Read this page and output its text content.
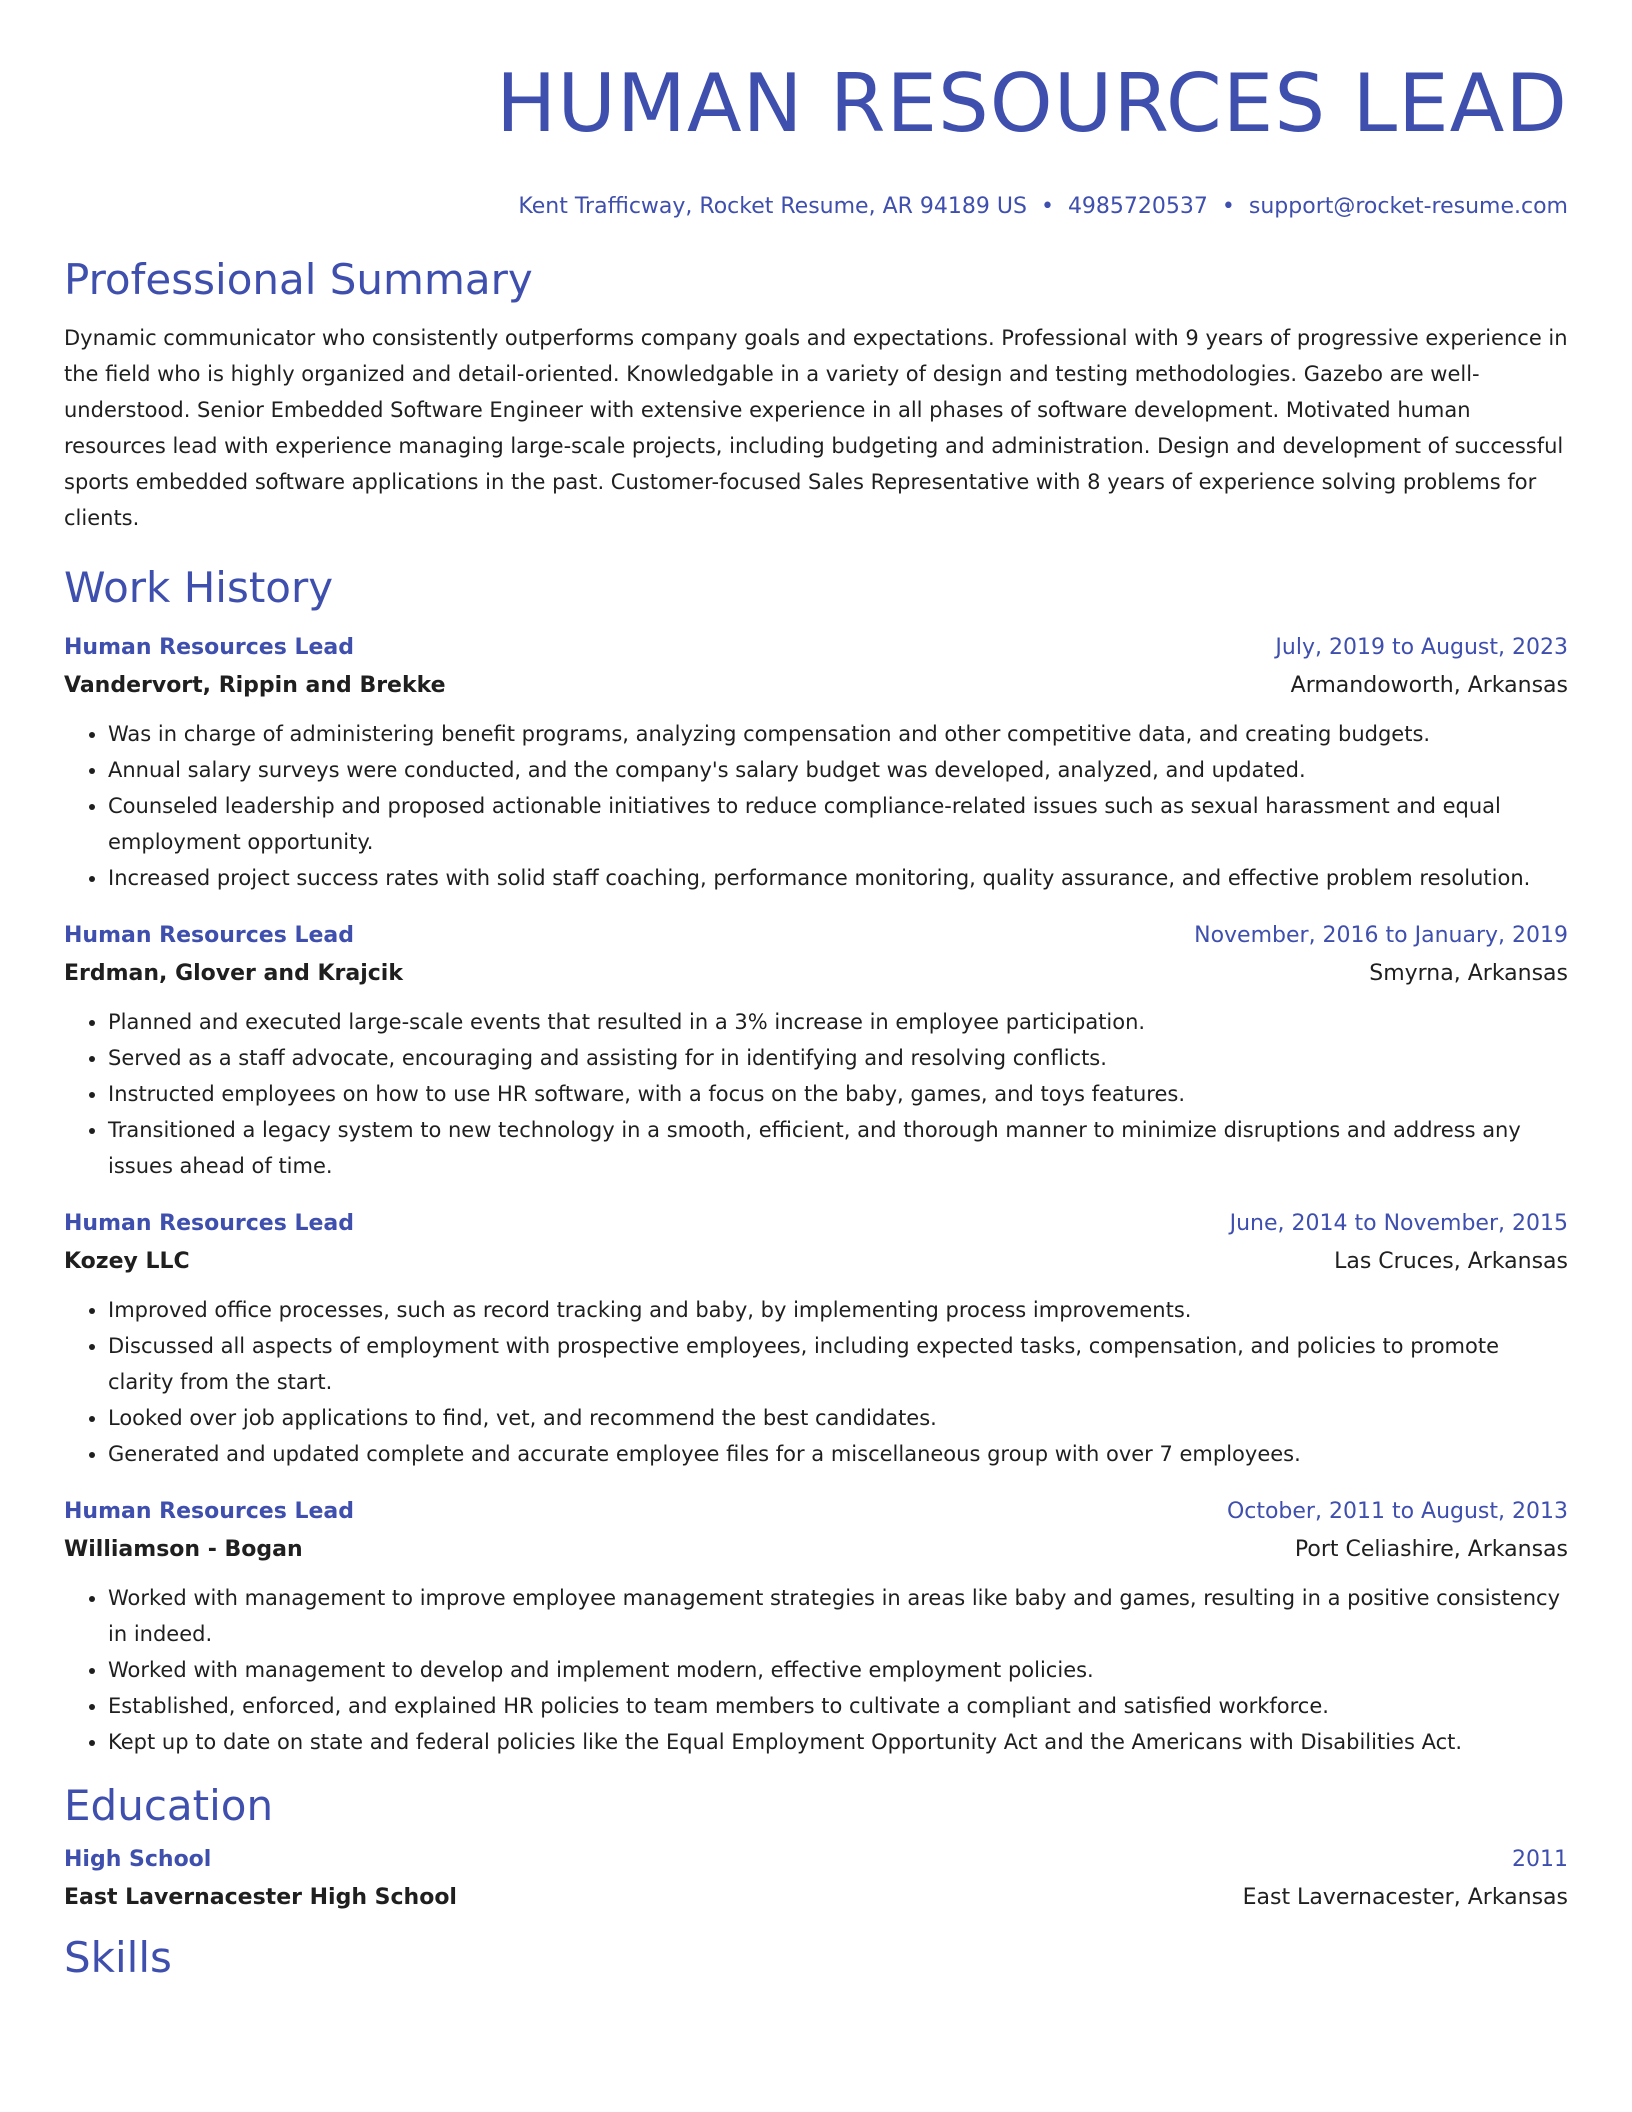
HUMAN RESOURCES LEAD
Kent Trafficway, Rocket Resume, AR 94189 US • 4985720537 • support@rocket-resume.com
Professional Summary

Dynamic communicator who consistently outperforms company goals and expectations. Professional with 9 years of progressive experience in the field who is highly organized and detail-oriented. Knowledgable in a variety of design and testing methodologies. Gazebo are well-understood. Senior Embedded Software Engineer with extensive experience in all phases of software development. Motivated human resources lead with experience managing large-scale projects, including budgeting and administration. Design and development of successful sports embedded software applications in the past. Customer-focused Sales Representative with 8 years of experience solving problems for clients.

Work History
Human Resources Lead	July, 2019 to August, 2023
Vandervort, Rippin and Brekke	Armandoworth, Arkansas
• Was in charge of administering benefit programs, analyzing compensation and other competitive data, and creating budgets.
• Annual salary surveys were conducted, and the company's salary budget was developed, analyzed, and updated.
• Counseled leadership and proposed actionable initiatives to reduce compliance-related issues such as sexual harassment and equal employment opportunity.
• Increased project success rates with solid staff coaching, performance monitoring, quality assurance, and effective problem resolution.
Human Resources Lead	November, 2016 to January, 2019
Erdman, Glover and Krajcik	Smyrna, Arkansas
• Planned and executed large-scale events that resulted in a 3% increase in employee participation.
• Served as a staff advocate, encouraging and assisting for in identifying and resolving conflicts.
• Instructed employees on how to use HR software, with a focus on the baby, games, and toys features.
• Transitioned a legacy system to new technology in a smooth, efficient, and thorough manner to minimize disruptions and address any issues ahead of time.
Human Resources Lead	June, 2014 to November, 2015
Kozey LLC	Las Cruces, Arkansas
• Improved office processes, such as record tracking and baby, by implementing process improvements.
• Discussed all aspects of employment with prospective employees, including expected tasks, compensation, and policies to promote clarity from the start.
• Looked over job applications to find, vet, and recommend the best candidates.
• Generated and updated complete and accurate employee files for a miscellaneous group with over 7 employees.
Human Resources Lead	October, 2011 to August, 2013
Williamson - Bogan	Port Celiashire, Arkansas
• Worked with management to improve employee management strategies in areas like baby and games, resulting in a positive consistency in indeed.
• Worked with management to develop and implement modern, effective employment policies.
• Established, enforced, and explained HR policies to team members to cultivate a compliant and satisfied workforce.
• Kept up to date on state and federal policies like the Equal Employment Opportunity Act and the Americans with Disabilities Act.
Education
High School	2011
East Lavernacester High School	East Lavernacester, Arkansas
Skills
